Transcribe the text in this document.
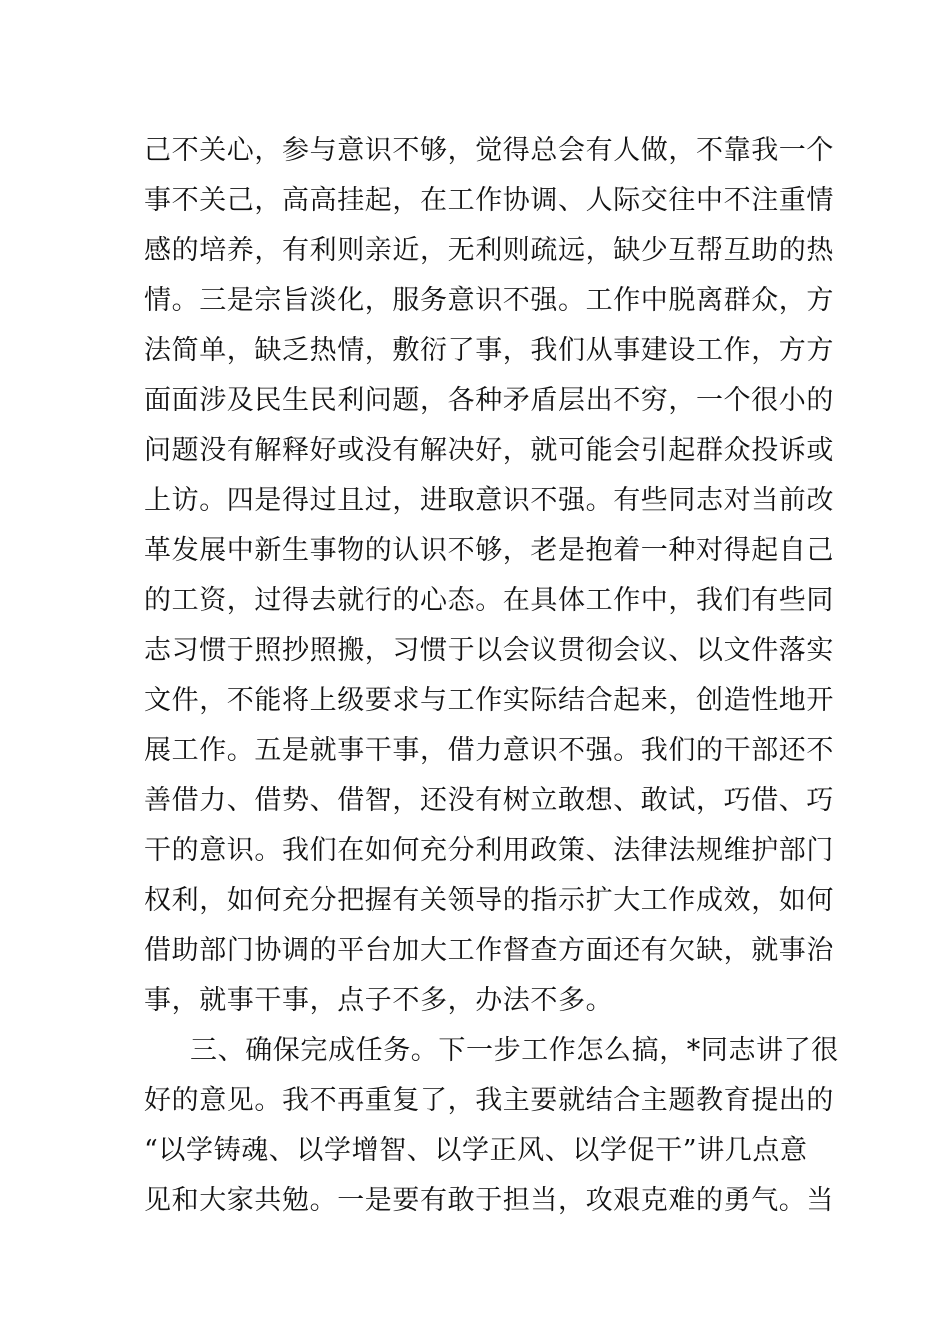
己不关心，参与意识不够，觉得总会有人做，不靠我一个
事不关己，高高挂起，在工作协调、人际交往中不注重情
感的培养，有利则亲近，无利则疏远，缺少互帮互助的热
情。三是宗旨淡化，服务意识不强。工作中脱离群众，方
法简单，缺乏热情，敷衍了事，我们从事建设工作，方方
面面涉及民生民利问题，各种矛盾层出不穷，一个很小的
问题没有解释好或没有解决好，就可能会引起群众投诉或
上访。四是得过且过，进取意识不强。有些同志对当前改
革发展中新生事物的认识不够，老是抱着一种对得起自己
的工资，过得去就行的心态。在具体工作中，我们有些同
志习惯于照抄照搬，习惯于以会议贯彻会议、以文件落实
文件，不能将上级要求与工作实际结合起来，创造性地开
展工作。五是就事干事，借力意识不强。我们的干部还不
善借力、借势、借智，还没有树立敢想、敢试，巧借、巧
干的意识。我们在如何充分利用政策、法律法规维护部门
权利，如何充分把握有关领导的指示扩大工作成效，如何
借助部门协调的平台加大工作督查方面还有欠缺，就事治
事，就事干事，点子不多，办法不多。
三、确保完成任务。下一步工作怎么搞，*同志讲了很
好的意见。我不再重复了，我主要就结合主题教育提出的
“以学铸魂、以学增智、以学正风、以学促干”讲几点意
见和大家共勉。一是要有敢于担当，攻艰克难的勇气。当
